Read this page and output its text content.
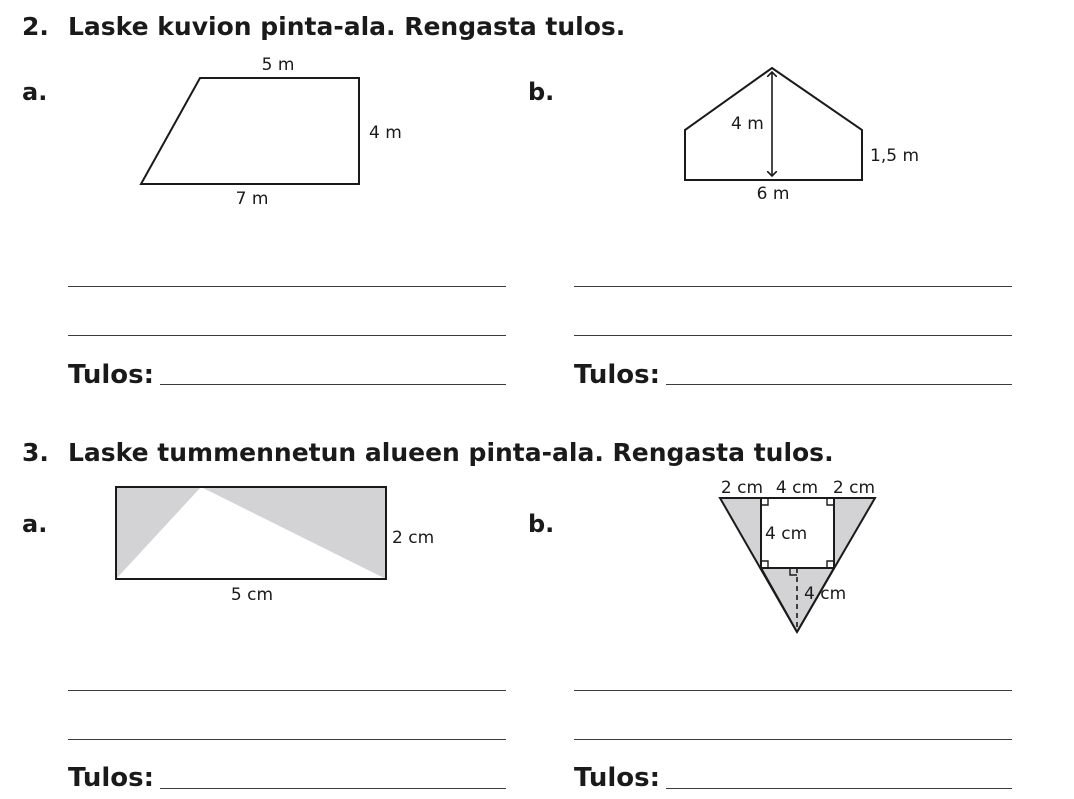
2. Laske kuvion pinta-ala. Rengasta tulos.
a.	b.
5 m
4 m
7 m
4 m
1,5 m
6 m
2 cm
5 cm
2 cm 4 cm 2 cm
4 cm
4 cm
Tulos:	Tulos:
3. Laske tummennetun alueen pinta-ala. Rengasta tulos.
a.	b.
Tulos:	Tulos:
